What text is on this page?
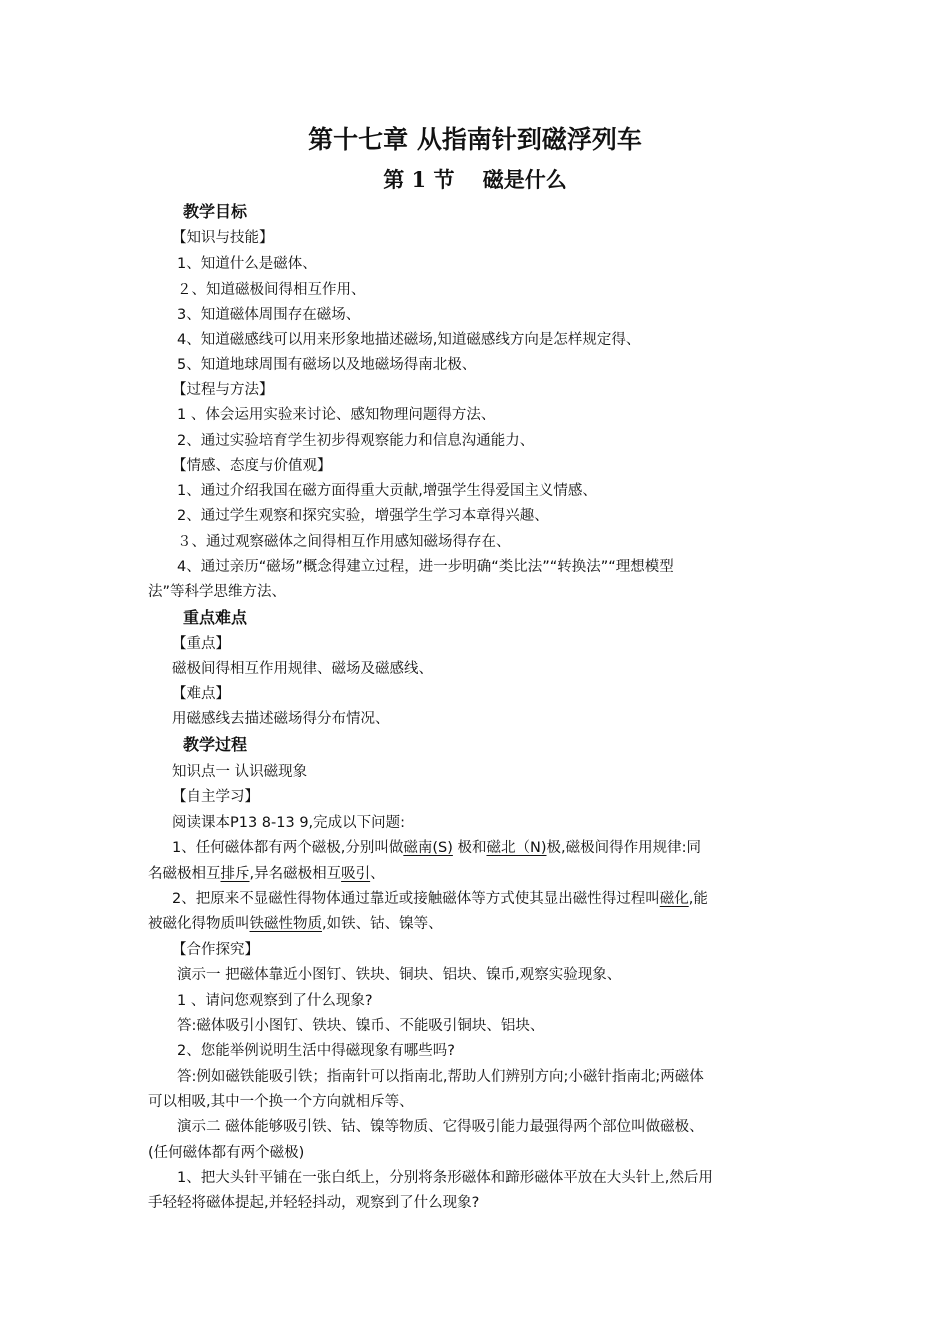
第十七章 从指南针到磁浮列车
第 1 节　 磁是什么
教学目标
【知识与技能】
1、知道什么是磁体、
２、知道磁极间得相互作用、
3、知道磁体周围存在磁场、
4、知道磁感线可以用来形象地描述磁场,知道磁感线方向是怎样规定得、
5、知道地球周围有磁场以及地磁场得南北极、
【过程与方法】
1 、体会运用实验来讨论、感知物理问题得方法、
2、通过实验培育学生初步得观察能力和信息沟通能力、
【情感、态度与价值观】
1、通过介绍我国在磁方面得重大贡献,增强学生得爱国主义情感、
2、通过学生观察和探究实验，增强学生学习本章得兴趣、
３、通过观察磁体之间得相互作用感知磁场得存在、
4、通过亲历“磁场”概念得建立过程，进一步明确“类比法”“转换法”“理想模型
法”等科学思维方法、
重点难点
【重点】
磁极间得相互作用规律、磁场及磁感线、
【难点】
用磁感线去描述磁场得分布情况、
教学过程
知识点一 认识磁现象
【自主学习】
阅读课本P13 8-13 9,完成以下问题:
1、任何磁体都有两个磁极,分别叫做磁南(S) 极和磁北（N)极,磁极间得作用规律:同
名磁极相互排斥,异名磁极相互吸引、
2、把原来不显磁性得物体通过靠近或接触磁体等方式使其显出磁性得过程叫磁化,能
被磁化得物质叫铁磁性物质,如铁、钴、镍等、
【合作探究】
演示一 把磁体靠近小图钉、铁块、铜块、铝块、镍币,观察实验现象、
1 、请问您观察到了什么现象?
答:磁体吸引小图钉、铁块、镍币、不能吸引铜块、铝块、
2、您能举例说明生活中得磁现象有哪些吗?
答:例如磁铁能吸引铁；指南针可以指南北,帮助人们辨别方向;小磁针指南北;两磁体
可以相吸,其中一个换一个方向就相斥等、
演示二 磁体能够吸引铁、钴、镍等物质、它得吸引能力最强得两个部位叫做磁极、
(任何磁体都有两个磁极)
1、把大头针平铺在一张白纸上，分别将条形磁体和蹄形磁体平放在大头针上,然后用
手轻轻将磁体提起,并轻轻抖动，观察到了什么现象?
